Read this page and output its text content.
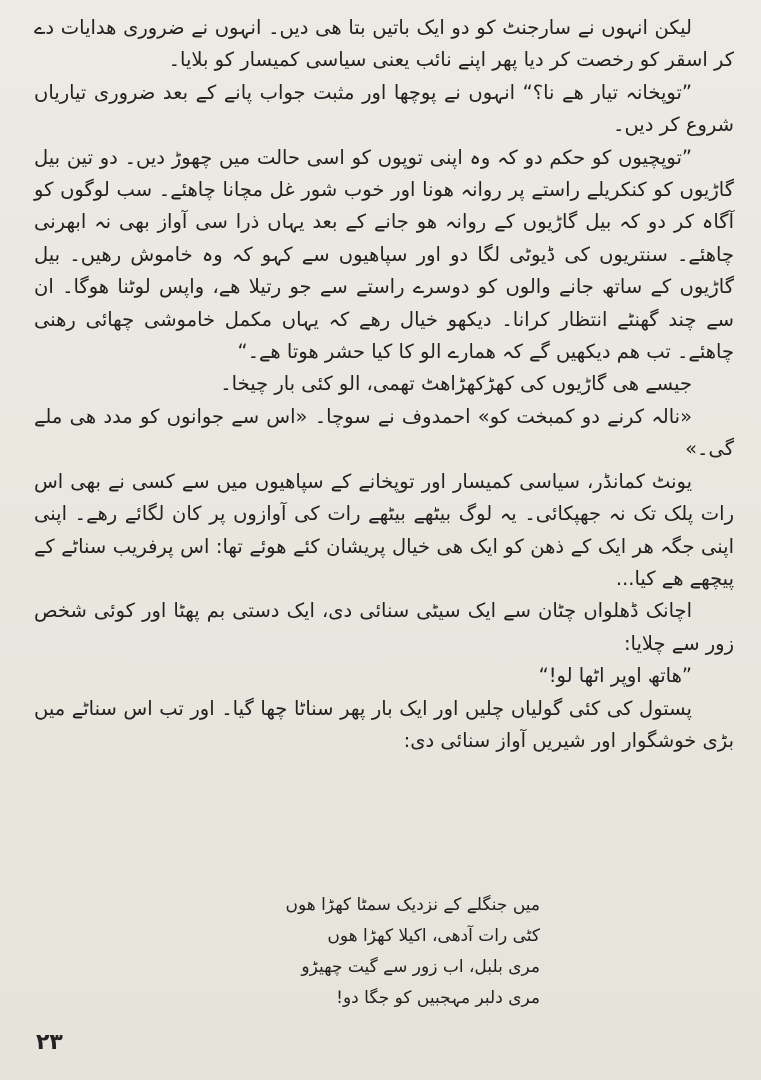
لیکن انہوں نے سارجنٹ کو دو ایک باتیں بتا ھی دیں۔ انہوں نے ضروری ھدایات دے کر اسقر کو رخصت کر دیا پھر اپنے نائب یعنی سیاسی کمیسار کو بلایا۔

”توپخانہ تیار ھے نا؟“ انہوں نے پوچھا اور مثبت جواب پانے کے بعد ضروری تیاریاں شروع کر دیں۔

”توپچیوں کو حکم دو کہ وہ اپنی توپوں کو اسی حالت میں چھوڑ دیں۔ دو تین بیل گاڑیوں کو کنکریلے راستے پر روانہ ھونا اور خوب شور غل مچانا چاھئے۔ سب لوگوں کو آگاہ کر دو کہ بیل گاڑیوں کے روانہ ھو جانے کے بعد یہاں ذرا سی آواز بھی نہ ابھرنی چاھئے۔ سنتریوں کی ڈیوٹی لگا دو اور سپاھیوں سے کہو کہ وہ خاموش رھیں۔ بیل گاڑیوں کے ساتھ جانے والوں کو دوسرے راستے سے جو رتیلا ھے، واپس لوٹنا ھوگا۔ ان سے چند گھنٹے انتظار کرانا۔ دیکھو خیال رھے کہ یہاں مکمل خاموشی چھائی رھنی چاھئے۔ تب ھم دیکھیں گے کہ ھمارے الو کا کیا حشر ھوتا ھے۔“

جیسے ھی گاڑیوں کی کھڑکھڑاھٹ تھمی، الو کئی بار چیخا۔

«نالہ کرنے دو کمبخت کو» احمدوف نے سوچا۔ «اس سے جوانوں کو مدد ھی ملے گی۔»

یونٹ کمانڈر، سیاسی کمیسار اور توپخانے کے سپاھیوں میں سے کسی نے بھی اس رات پلک تک نہ جھپکائی۔ یہ لوگ بیٹھے بیٹھے رات کی آوازوں پر کان لگائے رھے۔ اپنی اپنی جگہ ھر ایک کے ذھن کو ایک ھی خیال پریشان کئے ھوئے تھا: اس پرفریب سناٹے کے پیچھے ھے کیا...

اچانک ڈھلواں چٹان سے ایک سیٹی سنائی دی، ایک دستی بم پھٹا اور کوئی شخص زور سے چلایا:

”ھاتھ اوپر اٹھا لو!“

پستول کی کئی گولیاں چلیں اور ایک بار پھر سناٹا چھا گیا۔ اور تب اس سناٹے میں بڑی خوشگوار اور شیریں آواز سنائی دی:

میں جنگلے کے نزدیک سمٹا کھڑا ھوں

کٹی رات آدھی، اکیلا کھڑا ھوں

مری بلبل، اب زور سے گیت چھیڑو

مری دلبر مہجبیں کو جگا دو!

۲۳
